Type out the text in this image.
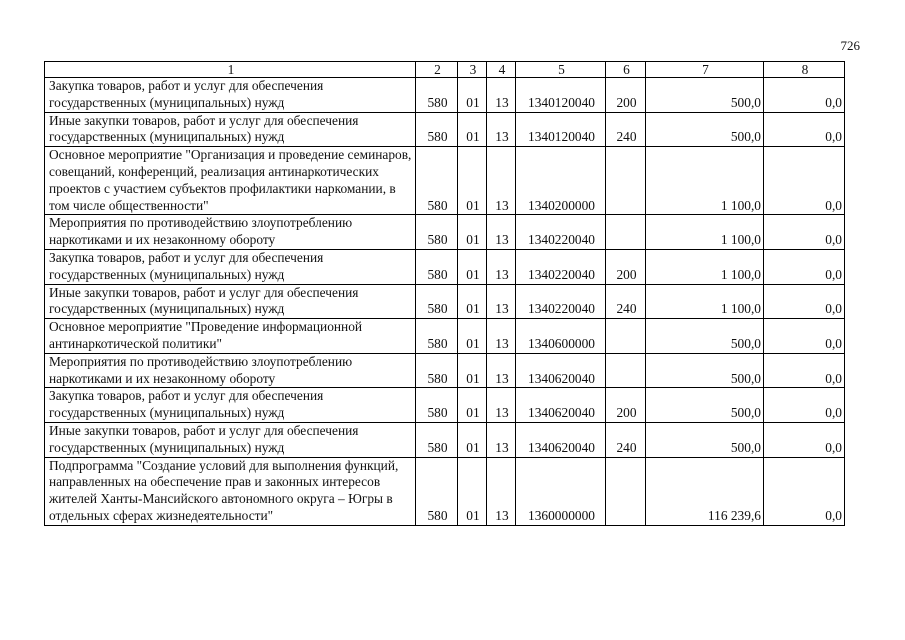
726
1	2	3	4	5	6	7	8
Закупка товаров, работ и услуг для обеспечения государственных (муниципальных) нужд	580	01	13	1340120040	200	500,0	0,0
Иные закупки товаров, работ и услуг для обеспечения государственных (муниципальных) нужд	580	01	13	1340120040	240	500,0	0,0
Основное мероприятие "Организация и проведение семинаров, совещаний, конференций, реализация антинаркотических проектов с участием субъектов профилактики наркомании, в том числе общественности"	580	01	13	1340200000		1 100,0	0,0
Мероприятия по противодействию злоупотреблению наркотиками и их незаконному обороту	580	01	13	1340220040		1 100,0	0,0
Закупка товаров, работ и услуг для обеспечения государственных (муниципальных) нужд	580	01	13	1340220040	200	1 100,0	0,0
Иные закупки товаров, работ и услуг для обеспечения государственных (муниципальных) нужд	580	01	13	1340220040	240	1 100,0	0,0
Основное мероприятие "Проведение информационной антинаркотической политики"	580	01	13	1340600000		500,0	0,0
Мероприятия по противодействию злоупотреблению наркотиками и их незаконному обороту	580	01	13	1340620040		500,0	0,0
Закупка товаров, работ и услуг для обеспечения государственных (муниципальных) нужд	580	01	13	1340620040	200	500,0	0,0
Иные закупки товаров, работ и услуг для обеспечения государственных (муниципальных) нужд	580	01	13	1340620040	240	500,0	0,0
Подпрограмма "Создание условий для выполнения функций, направленных на обеспечение прав и законных интересов жителей Ханты-Мансийского автономного округа – Югры в отдельных сферах жизнедеятельности"	580	01	13	1360000000		116 239,6	0,0
